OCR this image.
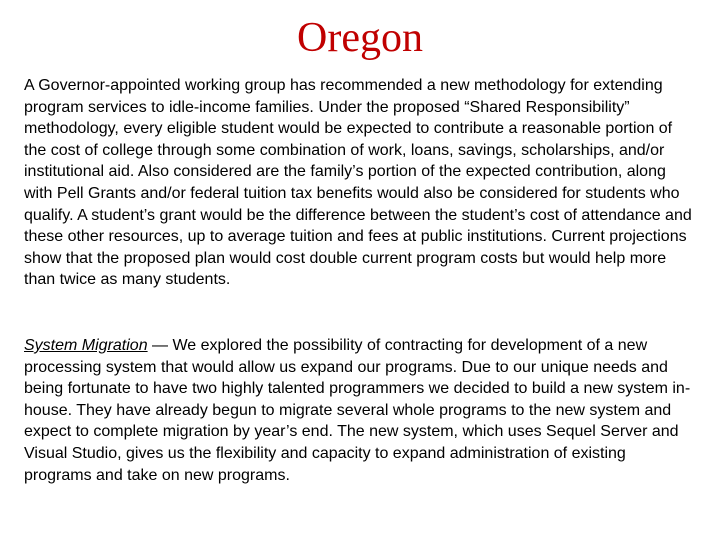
Oregon
A Governor-appointed working group has recommended a new methodology for extending program services to idle-income families. Under the proposed “Shared Responsibility” methodology, every eligible student would be expected to contribute a reasonable portion of the cost of college through some combination of work, loans, savings, scholarships, and/or institutional aid. Also considered are the family’s portion of the expected contribution, along with Pell Grants and/or federal tuition tax benefits would also be considered for students who qualify. A student’s grant would be the difference between the student’s cost of attendance and these other resources, up to average tuition and fees at public institutions. Current projections show that the proposed plan would cost double current program costs but would help more than twice as many students.
System Migration — We explored the possibility of contracting for development of a new processing system that would allow us expand our programs. Due to our unique needs and being fortunate to have two highly talented programmers we decided to build a new system in-house. They have already begun to migrate several whole programs to the new system and expect to complete migration by year’s end. The new system, which uses Sequel Server and Visual Studio, gives us the flexibility and capacity to expand administration of existing programs and take on new programs.
